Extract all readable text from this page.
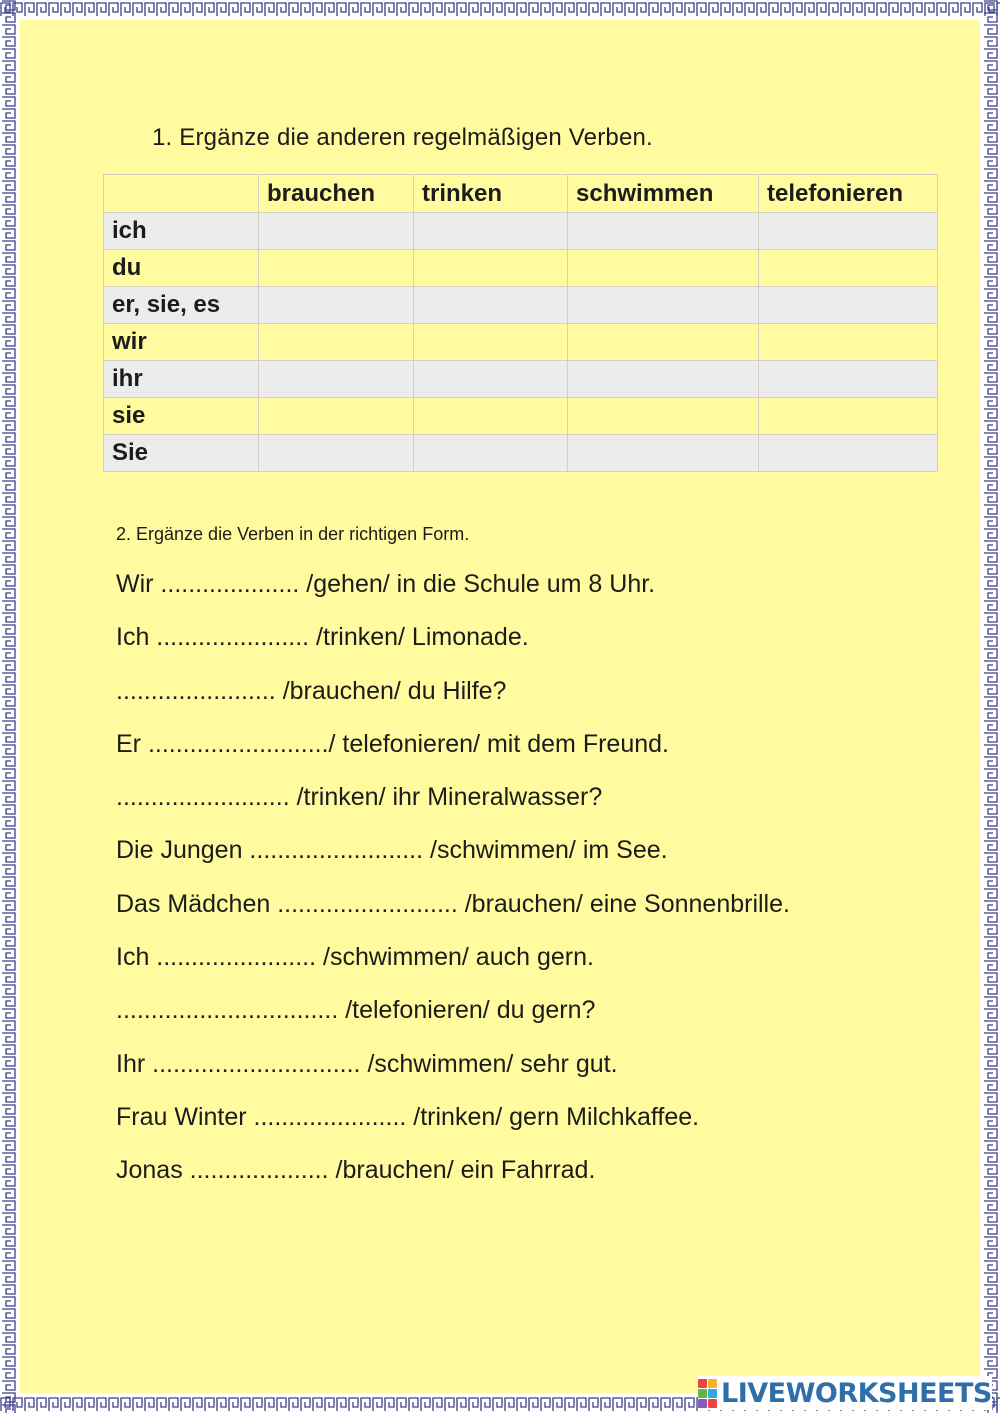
1. Ergänze die anderen regelmäßigen Verben.
	brauchen	trinken	schwimmen	telefonieren
ich				
du				
er, sie, es				
wir				
ihr				
sie				
Sie				
2. Ergänze die Verben in der richtigen Form.
Wir .................... /gehen/ in die Schule um 8 Uhr.
Ich ...................... /trinken/ Limonade.
....................... /brauchen/ du Hilfe?
Er ........................../ telefonieren/ mit dem Freund.
......................... /trinken/ ihr Mineralwasser?
Die Jungen ......................... /schwimmen/ im See.
Das Mädchen .......................... /brauchen/ eine Sonnenbrille.
Ich ....................... /schwimmen/ auch gern.
................................ /telefonieren/ du gern?
Ihr .............................. /schwimmen/ sehr gut.
Frau Winter ...................... /trinken/ gern Milchkaffee.
Jonas .................... /brauchen/ ein Fahrrad.
LIVEWORKSHEETS
